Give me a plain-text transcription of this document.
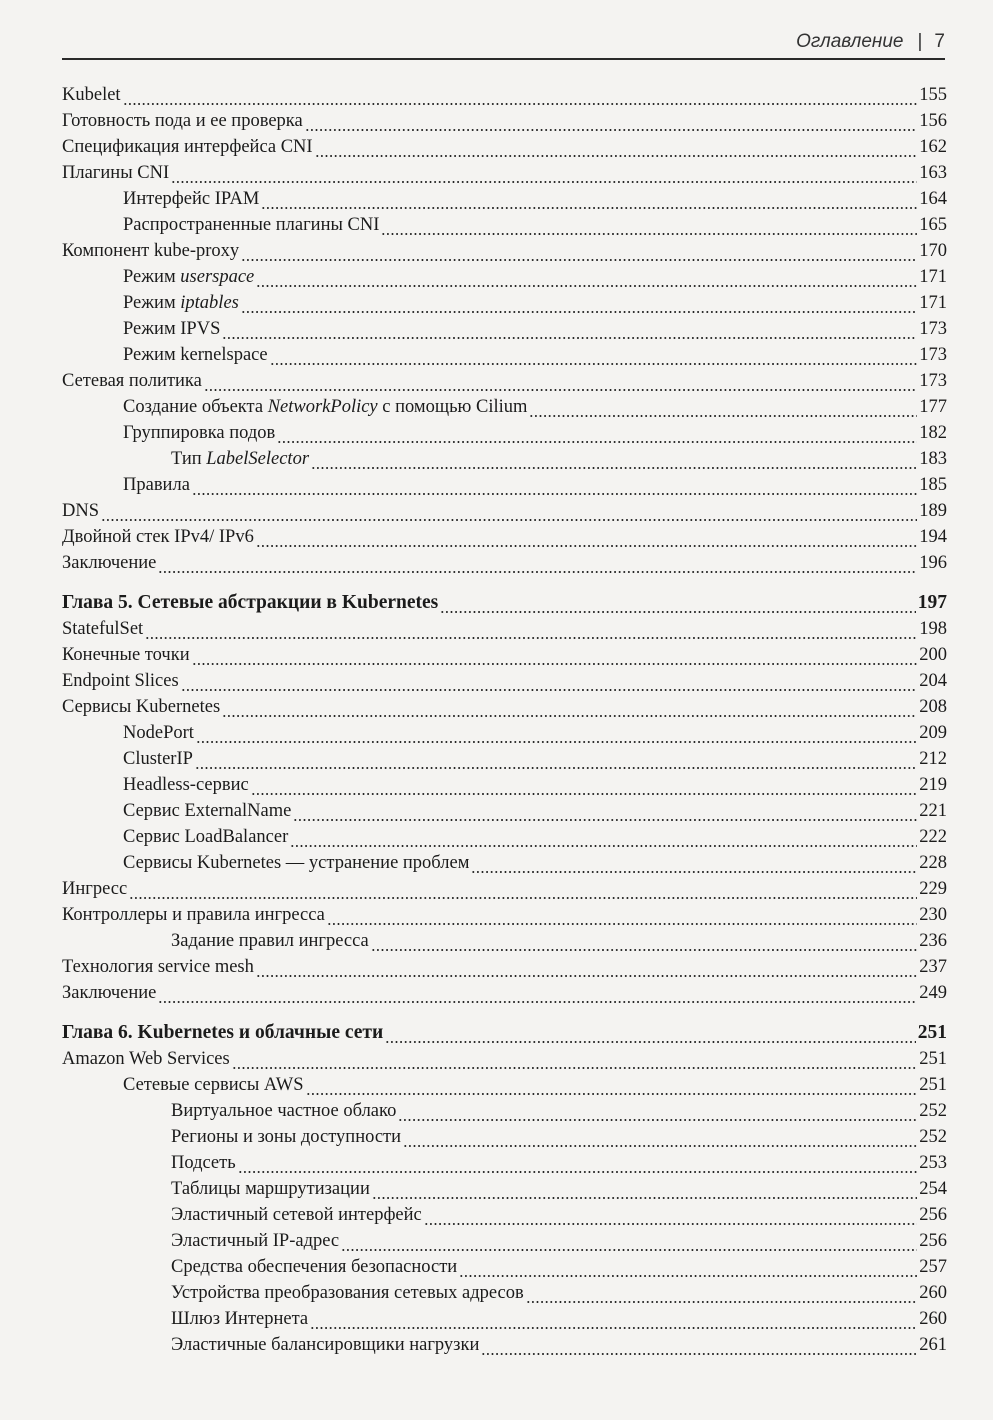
Оглавление | 7
Kubelet	155
Готовность пода и ее проверка	156
Спецификация интерфейса CNI	162
Плагины CNI	163
Интерфейс IPAM	164
Распространенные плагины CNI	165
Компонент kube-proxy	170
Режим userspace	171
Режим iptables	171
Режим IPVS	173
Режим kernelspace	173
Сетевая политика	173
Создание объекта NetworkPolicy с помощью Cilium	177
Группировка подов	182
Тип LabelSelector	183
Правила	185
DNS	189
Двойной стек IPv4/ IPv6	194
Заключение	196
Глава 5. Сетевые абстракции в Kubernetes	197
StatefulSet	198
Конечные точки	200
Endpoint Slices	204
Сервисы Kubernetes	208
NodePort	209
ClusterIP	212
Headless-сервис	219
Сервис ExternalName	221
Сервис LoadBalancer	222
Сервисы Kubernetes — устранение проблем	228
Ингресс	229
Контроллеры и правила ингресса	230
Задание правил ингресса	236
Технология service mesh	237
Заключение	249
Глава 6. Kubernetes и облачные сети	251
Amazon Web Services	251
Сетевые сервисы AWS	251
Виртуальное частное облако	252
Регионы и зоны доступности	252
Подсеть	253
Таблицы маршрутизации	254
Эластичный сетевой интерфейс	256
Эластичный IP-адрес	256
Средства обеспечения безопасности	257
Устройства преобразования сетевых адресов	260
Шлюз Интернета	260
Эластичные балансировщики нагрузки	261
